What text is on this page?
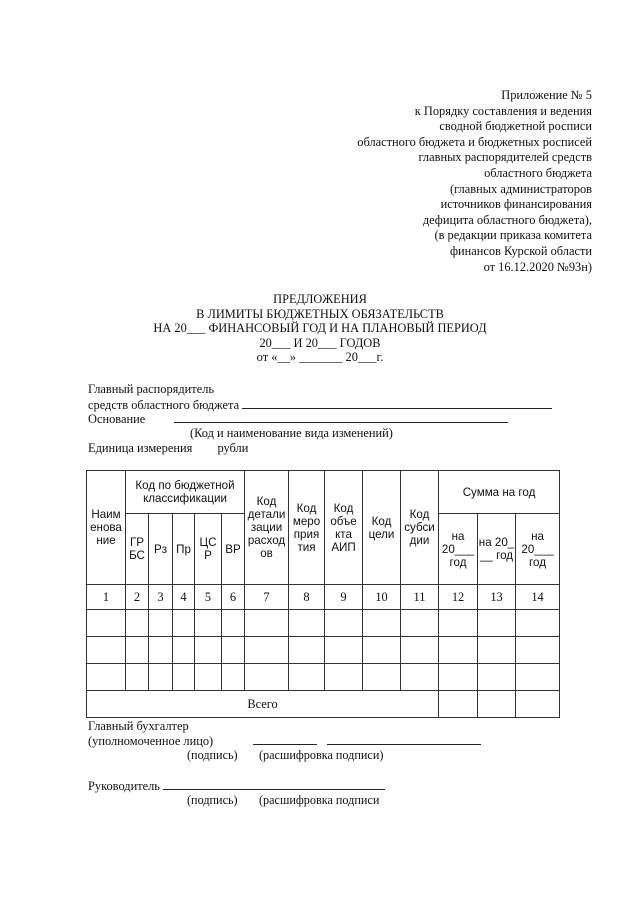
Приложение № 5
к Порядку составления и ведения
сводной бюджетной росписи
областного бюджета и бюджетных росписей
главных распорядителей средств
областного бюджета
(главных администраторов
источников финансирования
дефицита областного бюджета),
(в редакции приказа комитета
финансов Курской области
от 16.12.2020 №93н)
ПРЕДЛОЖЕНИЯ
В ЛИМИТЫ БЮДЖЕТНЫХ ОБЯЗАТЕЛЬСТВ
НА 20___ ФИНАНСОВЫЙ ГОД И НА ПЛАНОВЫЙ ПЕРИОД
20___ И 20___ ГОДОВ
от «__» _______ 20___г.
Главный распорядитель
средств областного бюджета
Основание
(Код и наименование вида изменений)
Единица измерения рубли
Наим енова ние	Код по бюджетной классификации					Код детали зации расход ов	Код меро прия тия	Код объе кта АИП	Код цели	Код субси дии	Сумма на год		
	ГР БС	Рз	Пр	ЦС Р	ВР						на 20___ год	на 20_ __ год	на 20___ год
1	2	3	4	5	6	7	8	9	10	11	12	13	14

Всего													
Главный бухгалтер
(уполномоченное лицо)
(подпись) (расшифровка подписи)
Руководитель
(подпись) (расшифровка подписи
